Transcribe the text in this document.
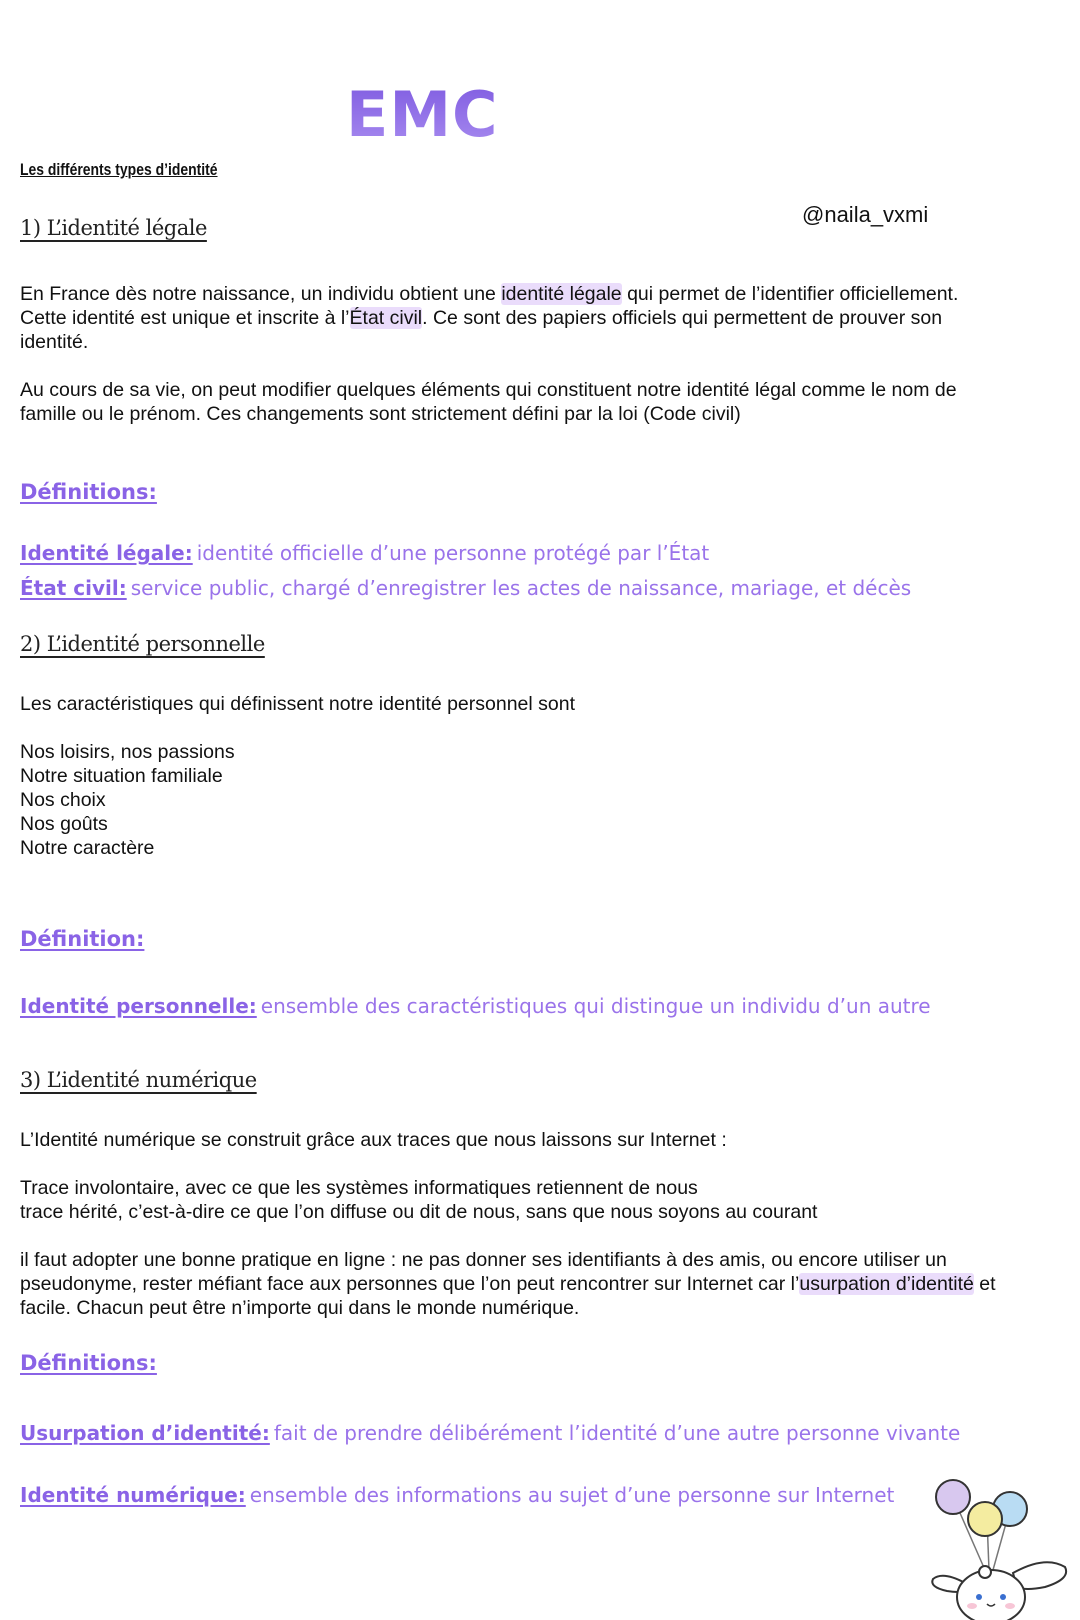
EMC
Les différents types d’identité
@naila_vxmi
1) L’identité légale

En France dès notre naissance, un individu obtient une identité légale qui permet de l’identifier officiellement. Cette identité est unique et inscrite à l’État civil. Ce sont des papiers officiels qui permettent de prouver son identité.

Au cours de sa vie, on peut modifier quelques éléments qui constituent notre identité légal comme le nom de famille ou le prénom. Ces changements sont strictement défini par la loi (Code civil)
Définitions:
Identité légale: identité officielle d’une personne protégé par l’État
État civil: service public, chargé d’enregistrer les actes de naissance, mariage, et décès
2) L’identité personnelle
Les caractéristiques qui définissent notre identité personnel sont
Nos loisirs, nos passions
Notre situation familiale
Nos choix
Nos goûts
Notre caractère
Définition:
Identité personnelle: ensemble des caractéristiques qui distingue un individu d’un autre
3) L’identité numérique
L’Identité numérique se construit grâce aux traces que nous laissons sur Internet :

Trace involontaire, avec ce que les systèmes informatiques retiennent de nous

trace hérité, c’est-à-dire ce que l’on diffuse ou dit de nous, sans que nous soyons au courant

il faut adopter une bonne pratique en ligne : ne pas donner ses identifiants à des amis, ou encore utiliser un pseudonyme, rester méfiant face aux personnes que l’on peut rencontrer sur Internet car l’usurpation d’identité et facile. Chacun peut être n’importe qui dans le monde numérique.

Définitions:
Usurpation d’identité: fait de prendre délibérément l’identité d’une autre personne vivante
Identité numérique: ensemble des informations au sujet d’une personne sur Internet
